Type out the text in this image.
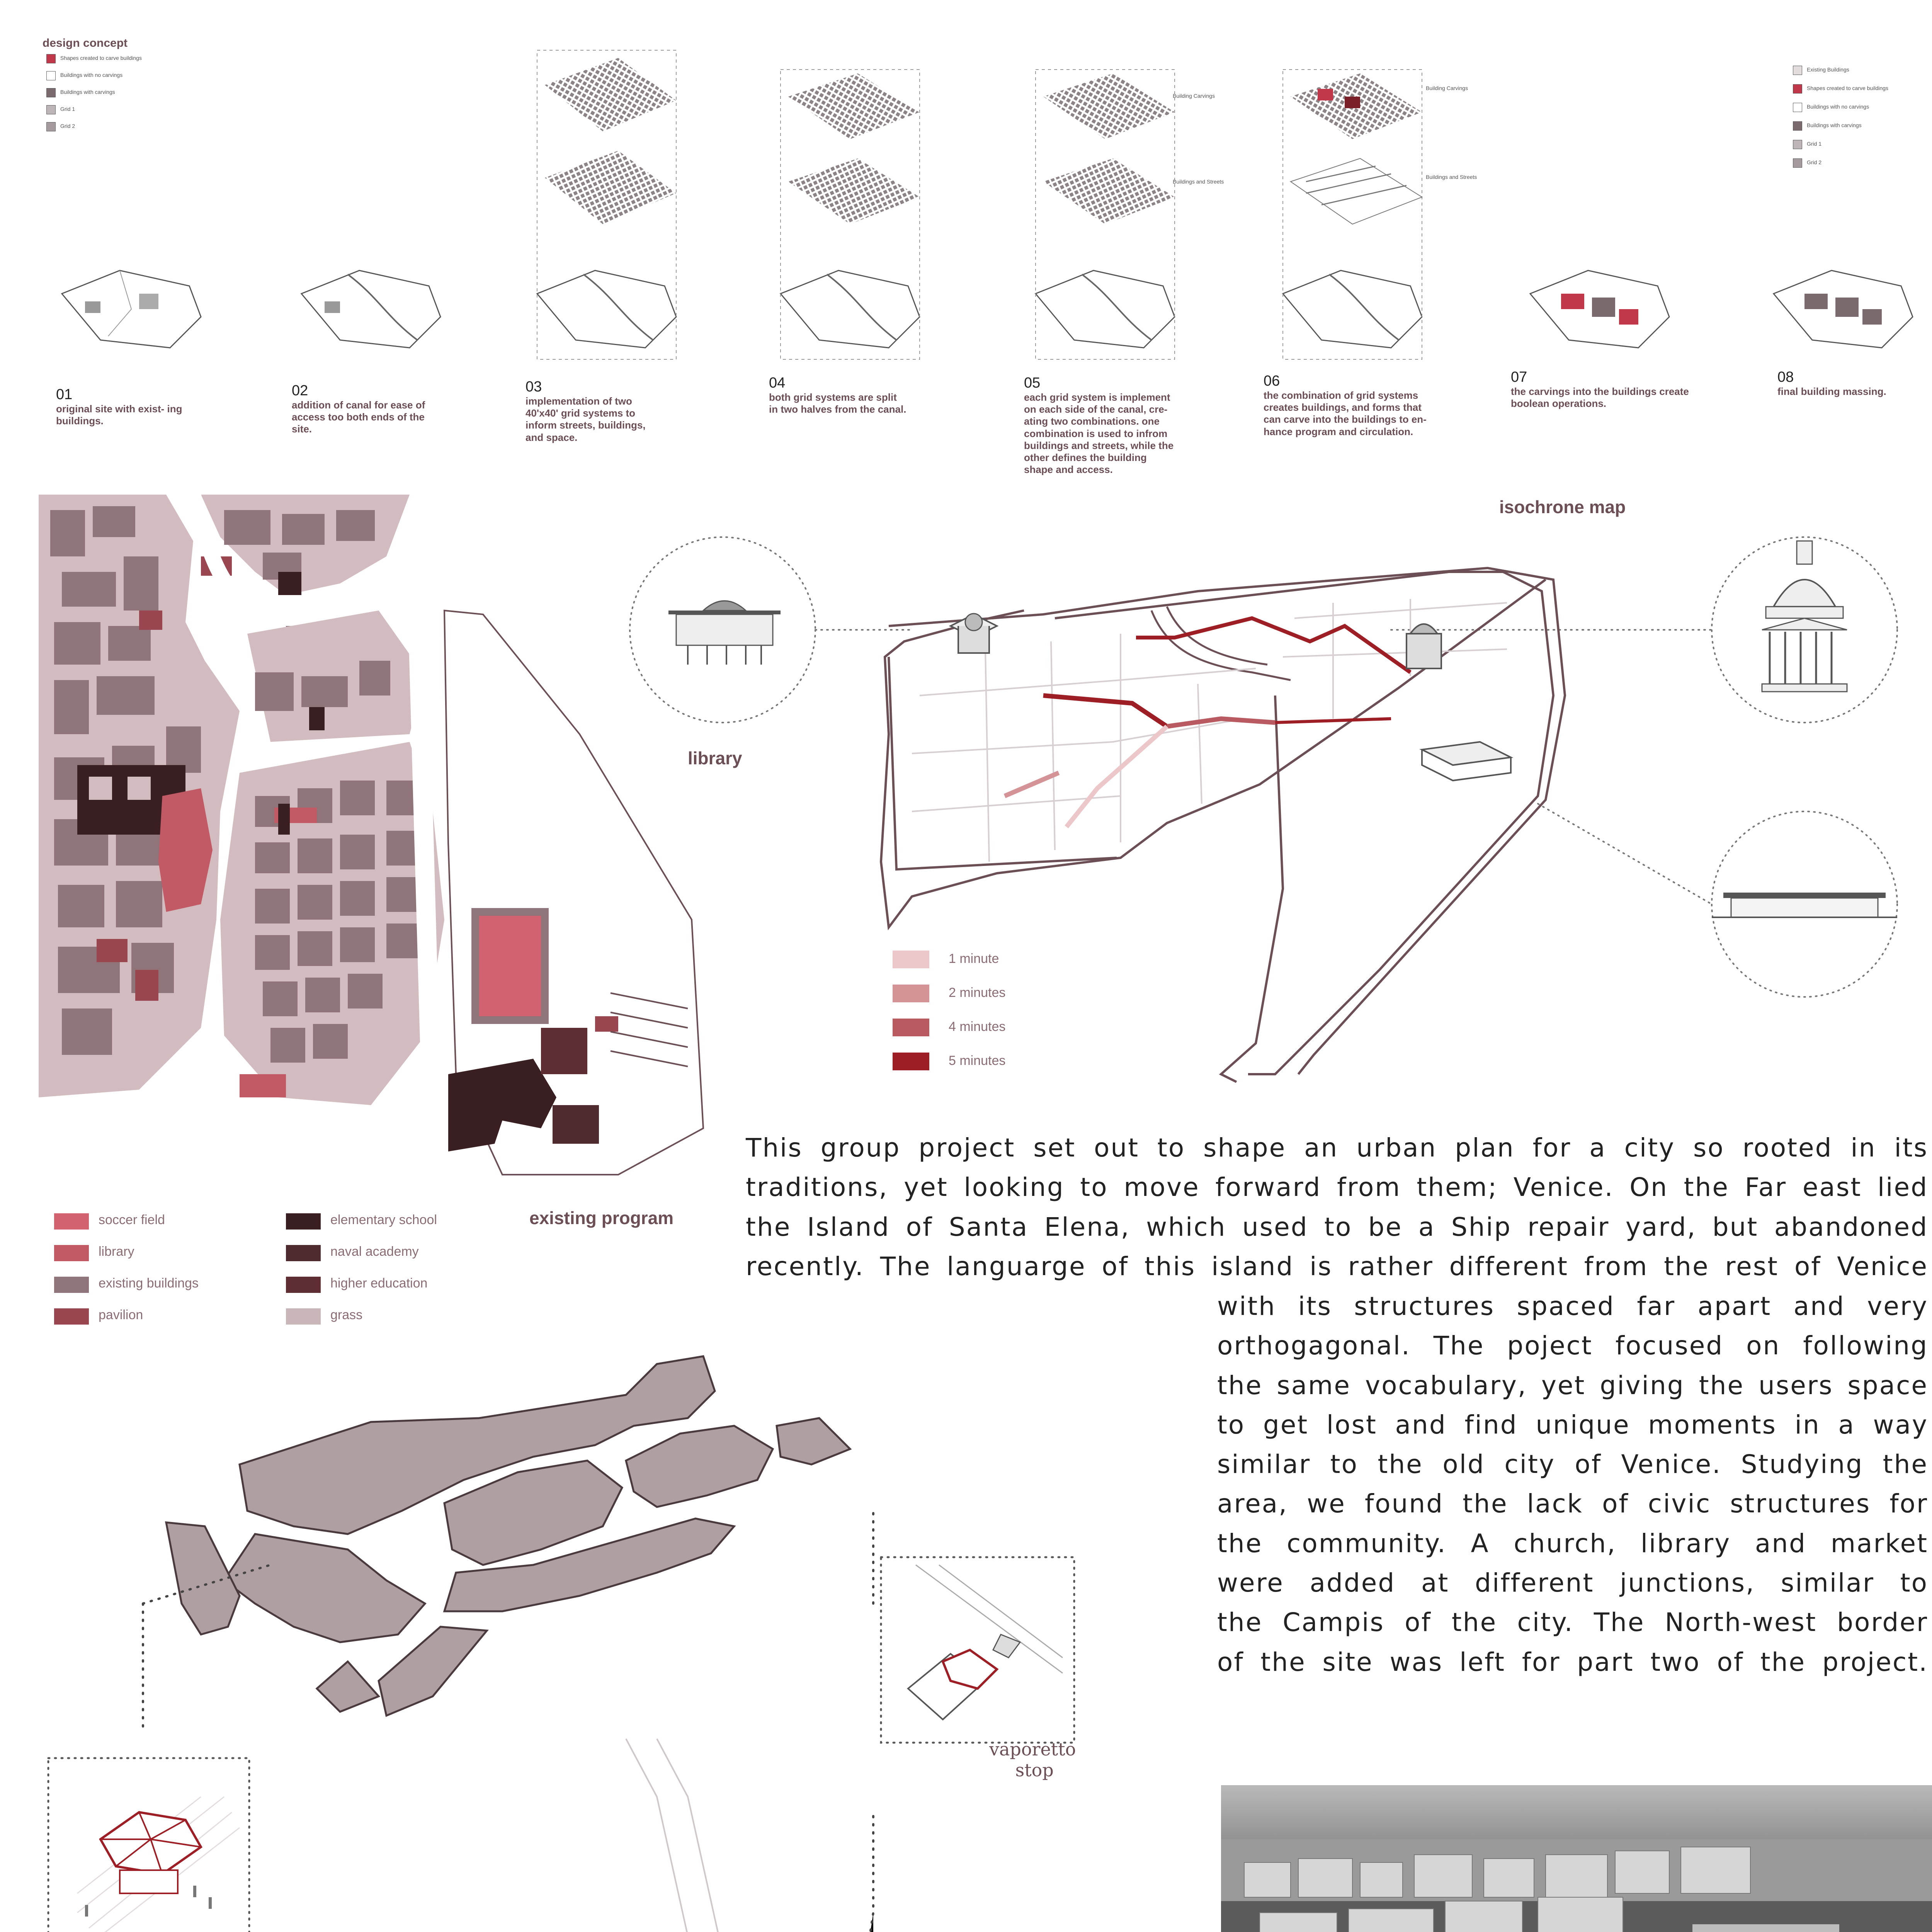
design concept
Shapes created to carve buildings
Buildings with no carvings
Buildings with carvings
Grid 1
Grid 2
Existing Buildings
Shapes created to carve buildings
Buildings with no carvings
Buildings with carvings
Grid 1
Grid 2
Building Carvings
Buildings and Streets
Building Carvings
Buildings and Streets
01
original site with exist- ing buildings.
02
addition of canal for ease of access too both ends of the site.
03
implementation of two 40'x40' grid systems to inform streets, buildings, and space.
04
both grid systems are split in two halves from the canal.
05
each grid system is implement on each side of the canal, cre- ating two combinations. one combination is used to infrom buildings and streets, while the other defines the building shape and access.
06
the combination of grid systems creates buildings, and forms that can carve into the buildings to en- hance program and circulation.
07
the carvings into the buildings create boolean operations.
08
final building massing.
existing program
soccer field
library
existing buildings
pavilion
elementary school
naval academy
higher education
grass
isochrone map
library
1 minute
2 minutes
4 minutes
5 minutes
This group project set out to shape an urban plan for a city so rooted in its
traditions, yet looking to move forward from them; Venice. On the Far east lied
the Island of Santa Elena, which used to be a Ship repair yard, but abandoned
recently. The languarge of this island is rather different from the rest of Venice
with its structures spaced far apart and very
orthogagonal. The poject focused on following
the same vocabulary, yet giving the users space
to get lost and find unique moments in a way
similar to the old city of Venice. Studying the
area, we found the lack of civic structures for
the community. A church, library and market
were added at different junctions, similar to
the Campis of the city. The North-west border
of the site was left for part two of the project.
vaporetto
stop
